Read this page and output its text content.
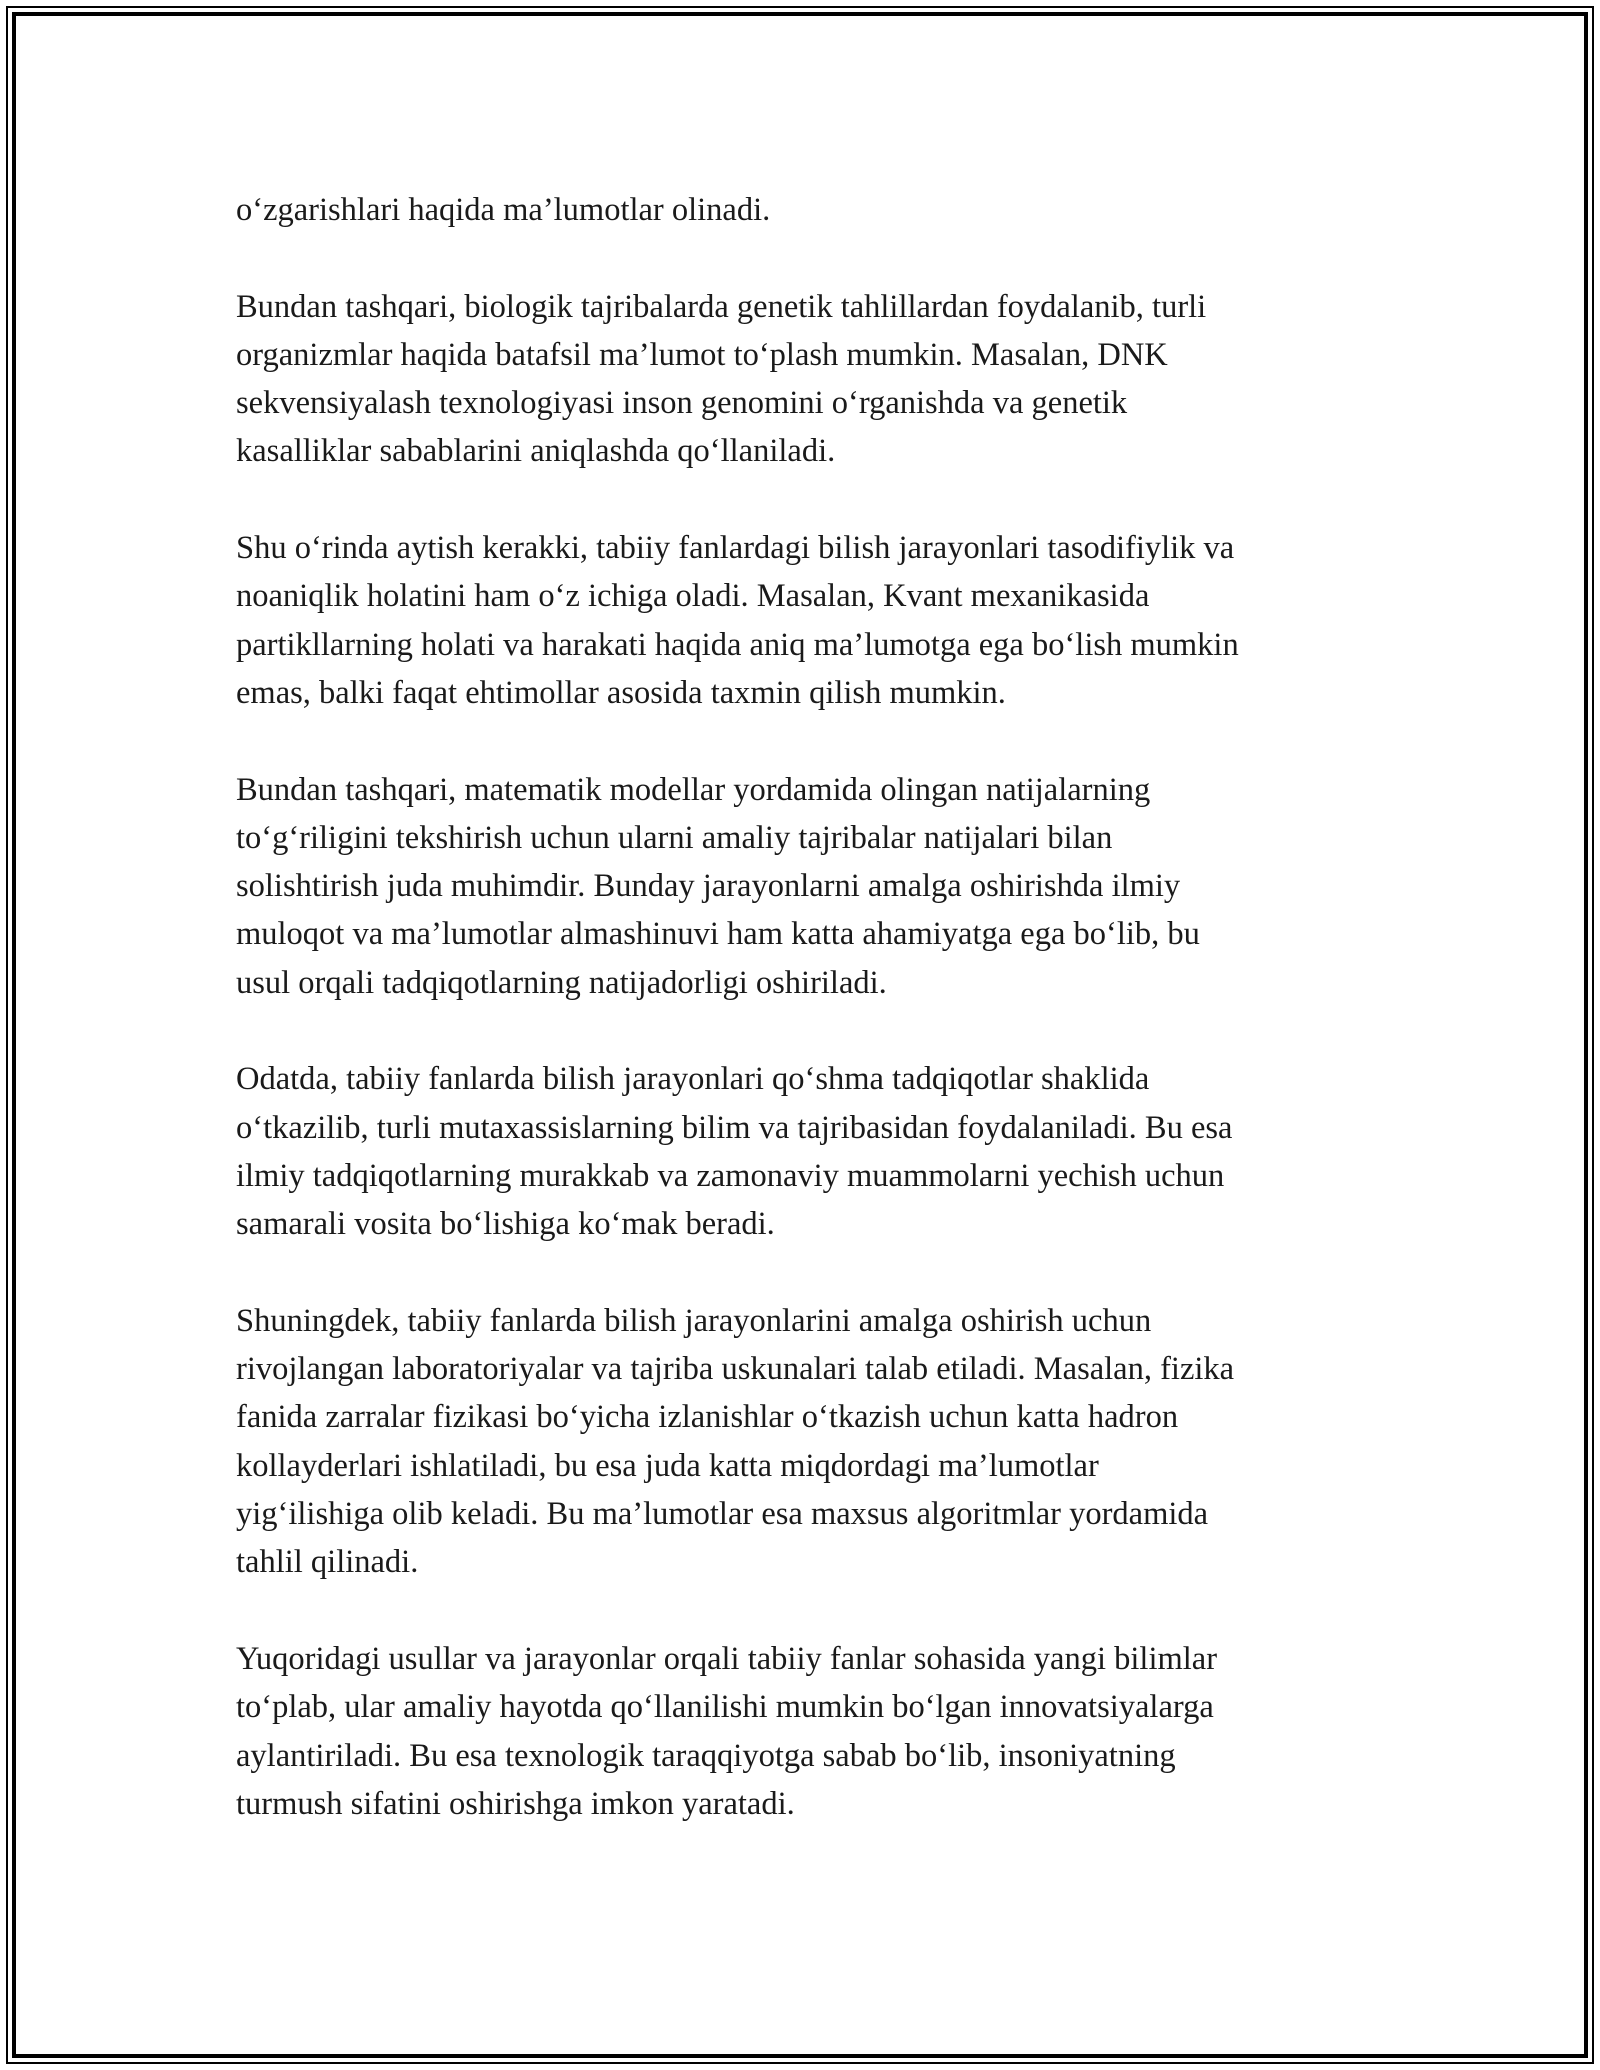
o‘zgarishlari haqida ma’lumotlar olinadi.

Bundan tashqari, biologik tajribalarda genetik tahlillardan foydalanib, turli
organizmlar haqida batafsil ma’lumot to‘plash mumkin. Masalan, DNK
sekvensiyalash texnologiyasi inson genomini o‘rganishda va genetik
kasalliklar sabablarini aniqlashda qo‘llaniladi.

Shu o‘rinda aytish kerakki, tabiiy fanlardagi bilish jarayonlari tasodifiylik va
noaniqlik holatini ham o‘z ichiga oladi. Masalan, Kvant mexanikasida
partikllarning holati va harakati haqida aniq ma’lumotga ega bo‘lish mumkin
emas, balki faqat ehtimollar asosida taxmin qilish mumkin.

Bundan tashqari, matematik modellar yordamida olingan natijalarning
to‘g‘riligini tekshirish uchun ularni amaliy tajribalar natijalari bilan
solishtirish juda muhimdir. Bunday jarayonlarni amalga oshirishda ilmiy
muloqot va ma’lumotlar almashinuvi ham katta ahamiyatga ega bo‘lib, bu
usul orqali tadqiqotlarning natijadorligi oshiriladi.

Odatda, tabiiy fanlarda bilish jarayonlari qo‘shma tadqiqotlar shaklida
o‘tkazilib, turli mutaxassislarning bilim va tajribasidan foydalaniladi. Bu esa
ilmiy tadqiqotlarning murakkab va zamonaviy muammolarni yechish uchun
samarali vosita bo‘lishiga ko‘mak beradi.

Shuningdek, tabiiy fanlarda bilish jarayonlarini amalga oshirish uchun
rivojlangan laboratoriyalar va tajriba uskunalari talab etiladi. Masalan, fizika
fanida zarralar fizikasi bo‘yicha izlanishlar o‘tkazish uchun katta hadron
kollayderlari ishlatiladi, bu esa juda katta miqdordagi ma’lumotlar
yig‘ilishiga olib keladi. Bu ma’lumotlar esa maxsus algoritmlar yordamida
tahlil qilinadi.

Yuqoridagi usullar va jarayonlar orqali tabiiy fanlar sohasida yangi bilimlar
to‘plab, ular amaliy hayotda qo‘llanilishi mumkin bo‘lgan innovatsiyalarga
aylantiriladi. Bu esa texnologik taraqqiyotga sabab bo‘lib, insoniyatning
turmush sifatini oshirishga imkon yaratadi.
